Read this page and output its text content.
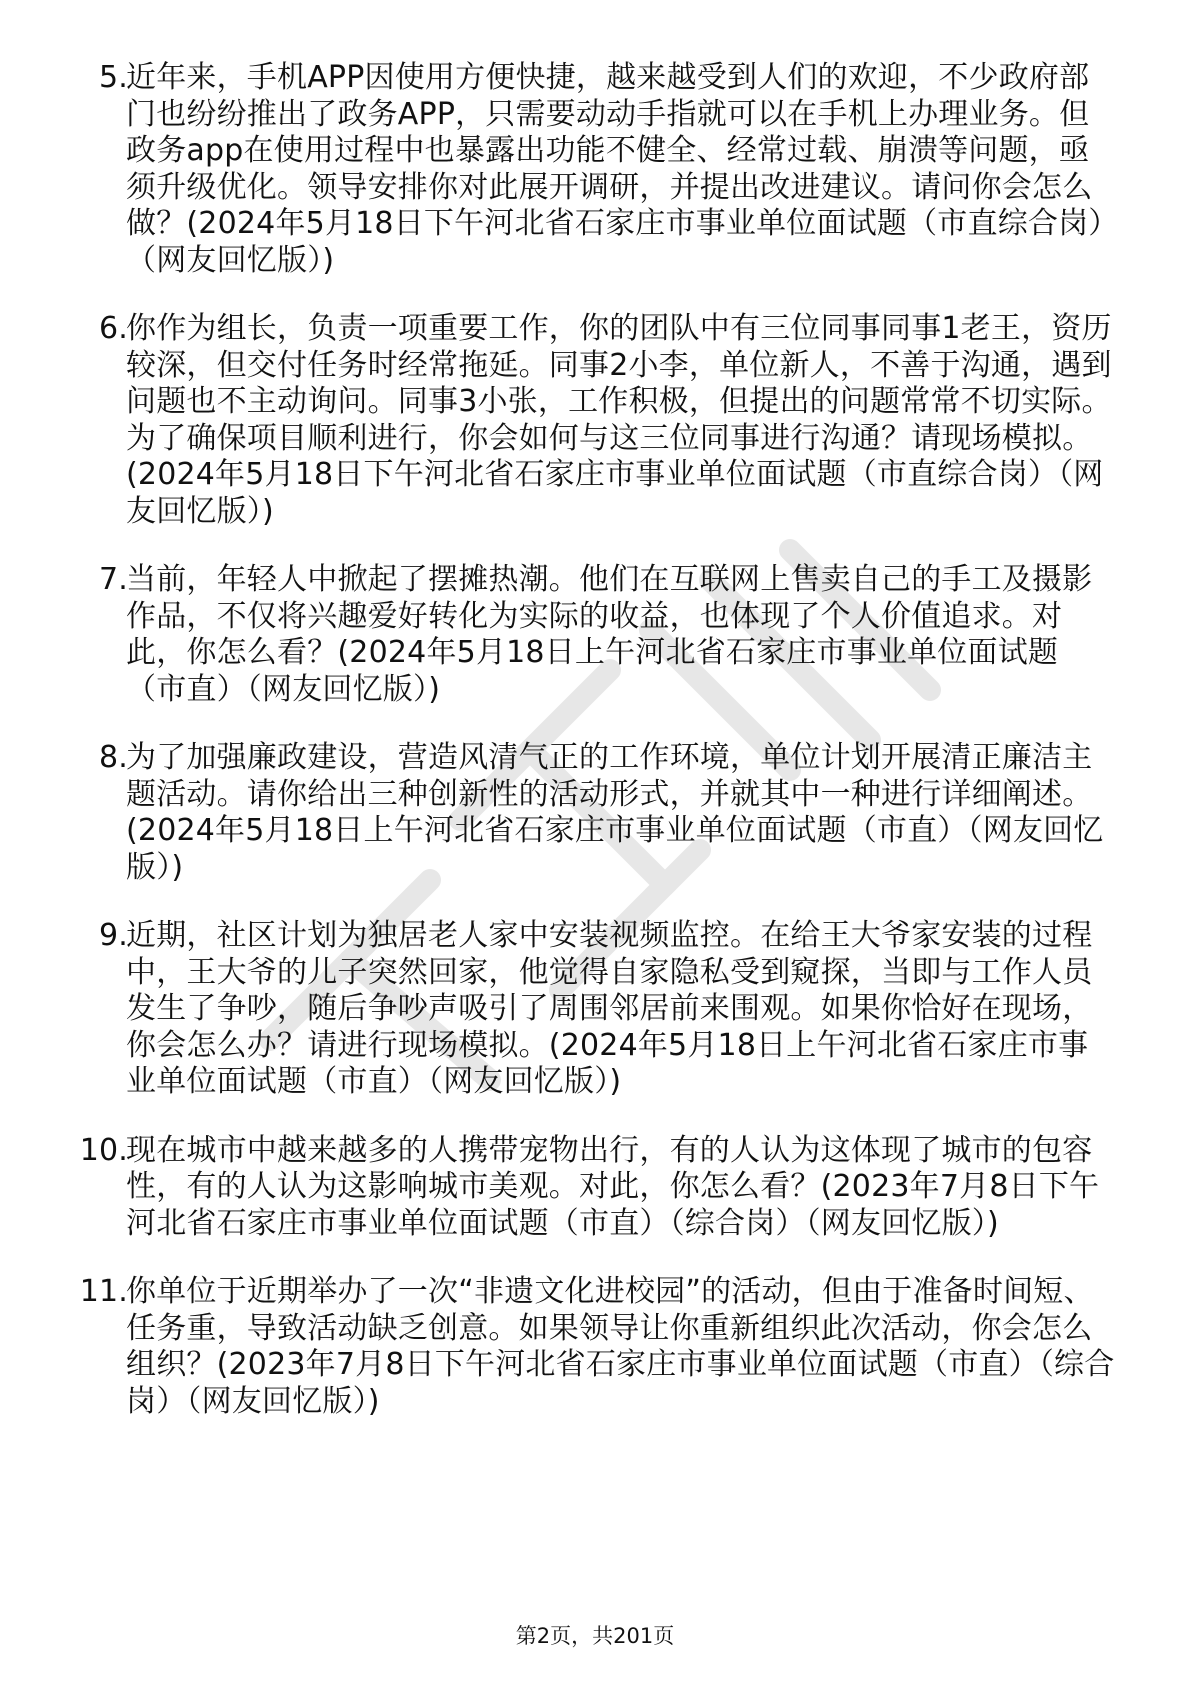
5.
近年来，手机APP因使用方便快捷，越来越受到人们的欢迎，不少政府部门也纷纷推出了政务APP，只需要动动手指就可以在手机上办理业务。但政务app在使用过程中也暴露出功能不健全、经常过载、崩溃等问题，亟须升级优化。领导安排你对此展开调研，并提出改进建议。请问你会怎么做？(2024年5月18日下午河北省石家庄市事业单位面试题（市直综合岗）（网友回忆版）)
6.
你作为组长，负责一项重要工作，你的团队中有三位同事同事1老王，资历较深，但交付任务时经常拖延。同事2小李，单位新人，不善于沟通，遇到问题也不主动询问。同事3小张，工作积极，但提出的问题常常不切实际。为了确保项目顺利进行，你会如何与这三位同事进行沟通？请现场模拟。(2024年5月18日下午河北省石家庄市事业单位面试题（市直综合岗）（网友回忆版）)
7.
当前，年轻人中掀起了摆摊热潮。他们在互联网上售卖自己的手工及摄影作品，不仅将兴趣爱好转化为实际的收益，也体现了个人价值追求。对此，你怎么看？(2024年5月18日上午河北省石家庄市事业单位面试题（市直）（网友回忆版）)
8.
为了加强廉政建设，营造风清气正的工作环境，单位计划开展清正廉洁主题活动。请你给出三种创新性的活动形式，并就其中一种进行详细阐述。(2024年5月18日上午河北省石家庄市事业单位面试题（市直）（网友回忆版）)
9.
近期，社区计划为独居老人家中安装视频监控。在给王大爷家安装的过程中，王大爷的儿子突然回家，他觉得自家隐私受到窥探，当即与工作人员发生了争吵，随后争吵声吸引了周围邻居前来围观。如果你恰好在现场，你会怎么办？请进行现场模拟。(2024年5月18日上午河北省石家庄市事业单位面试题（市直）（网友回忆版）)
10.
现在城市中越来越多的人携带宠物出行，有的人认为这体现了城市的包容性，有的人认为这影响城市美观。对此，你怎么看？(2023年7月8日下午河北省石家庄市事业单位面试题（市直）（综合岗）（网友回忆版）)
11.
你单位于近期举办了一次“非遗文化进校园”的活动，但由于准备时间短、任务重，导致活动缺乏创意。如果领导让你重新组织此次活动，你会怎么组织？(2023年7月8日下午河北省石家庄市事业单位面试题（市直）（综合岗）（网友回忆版）)
第2页，共201页
